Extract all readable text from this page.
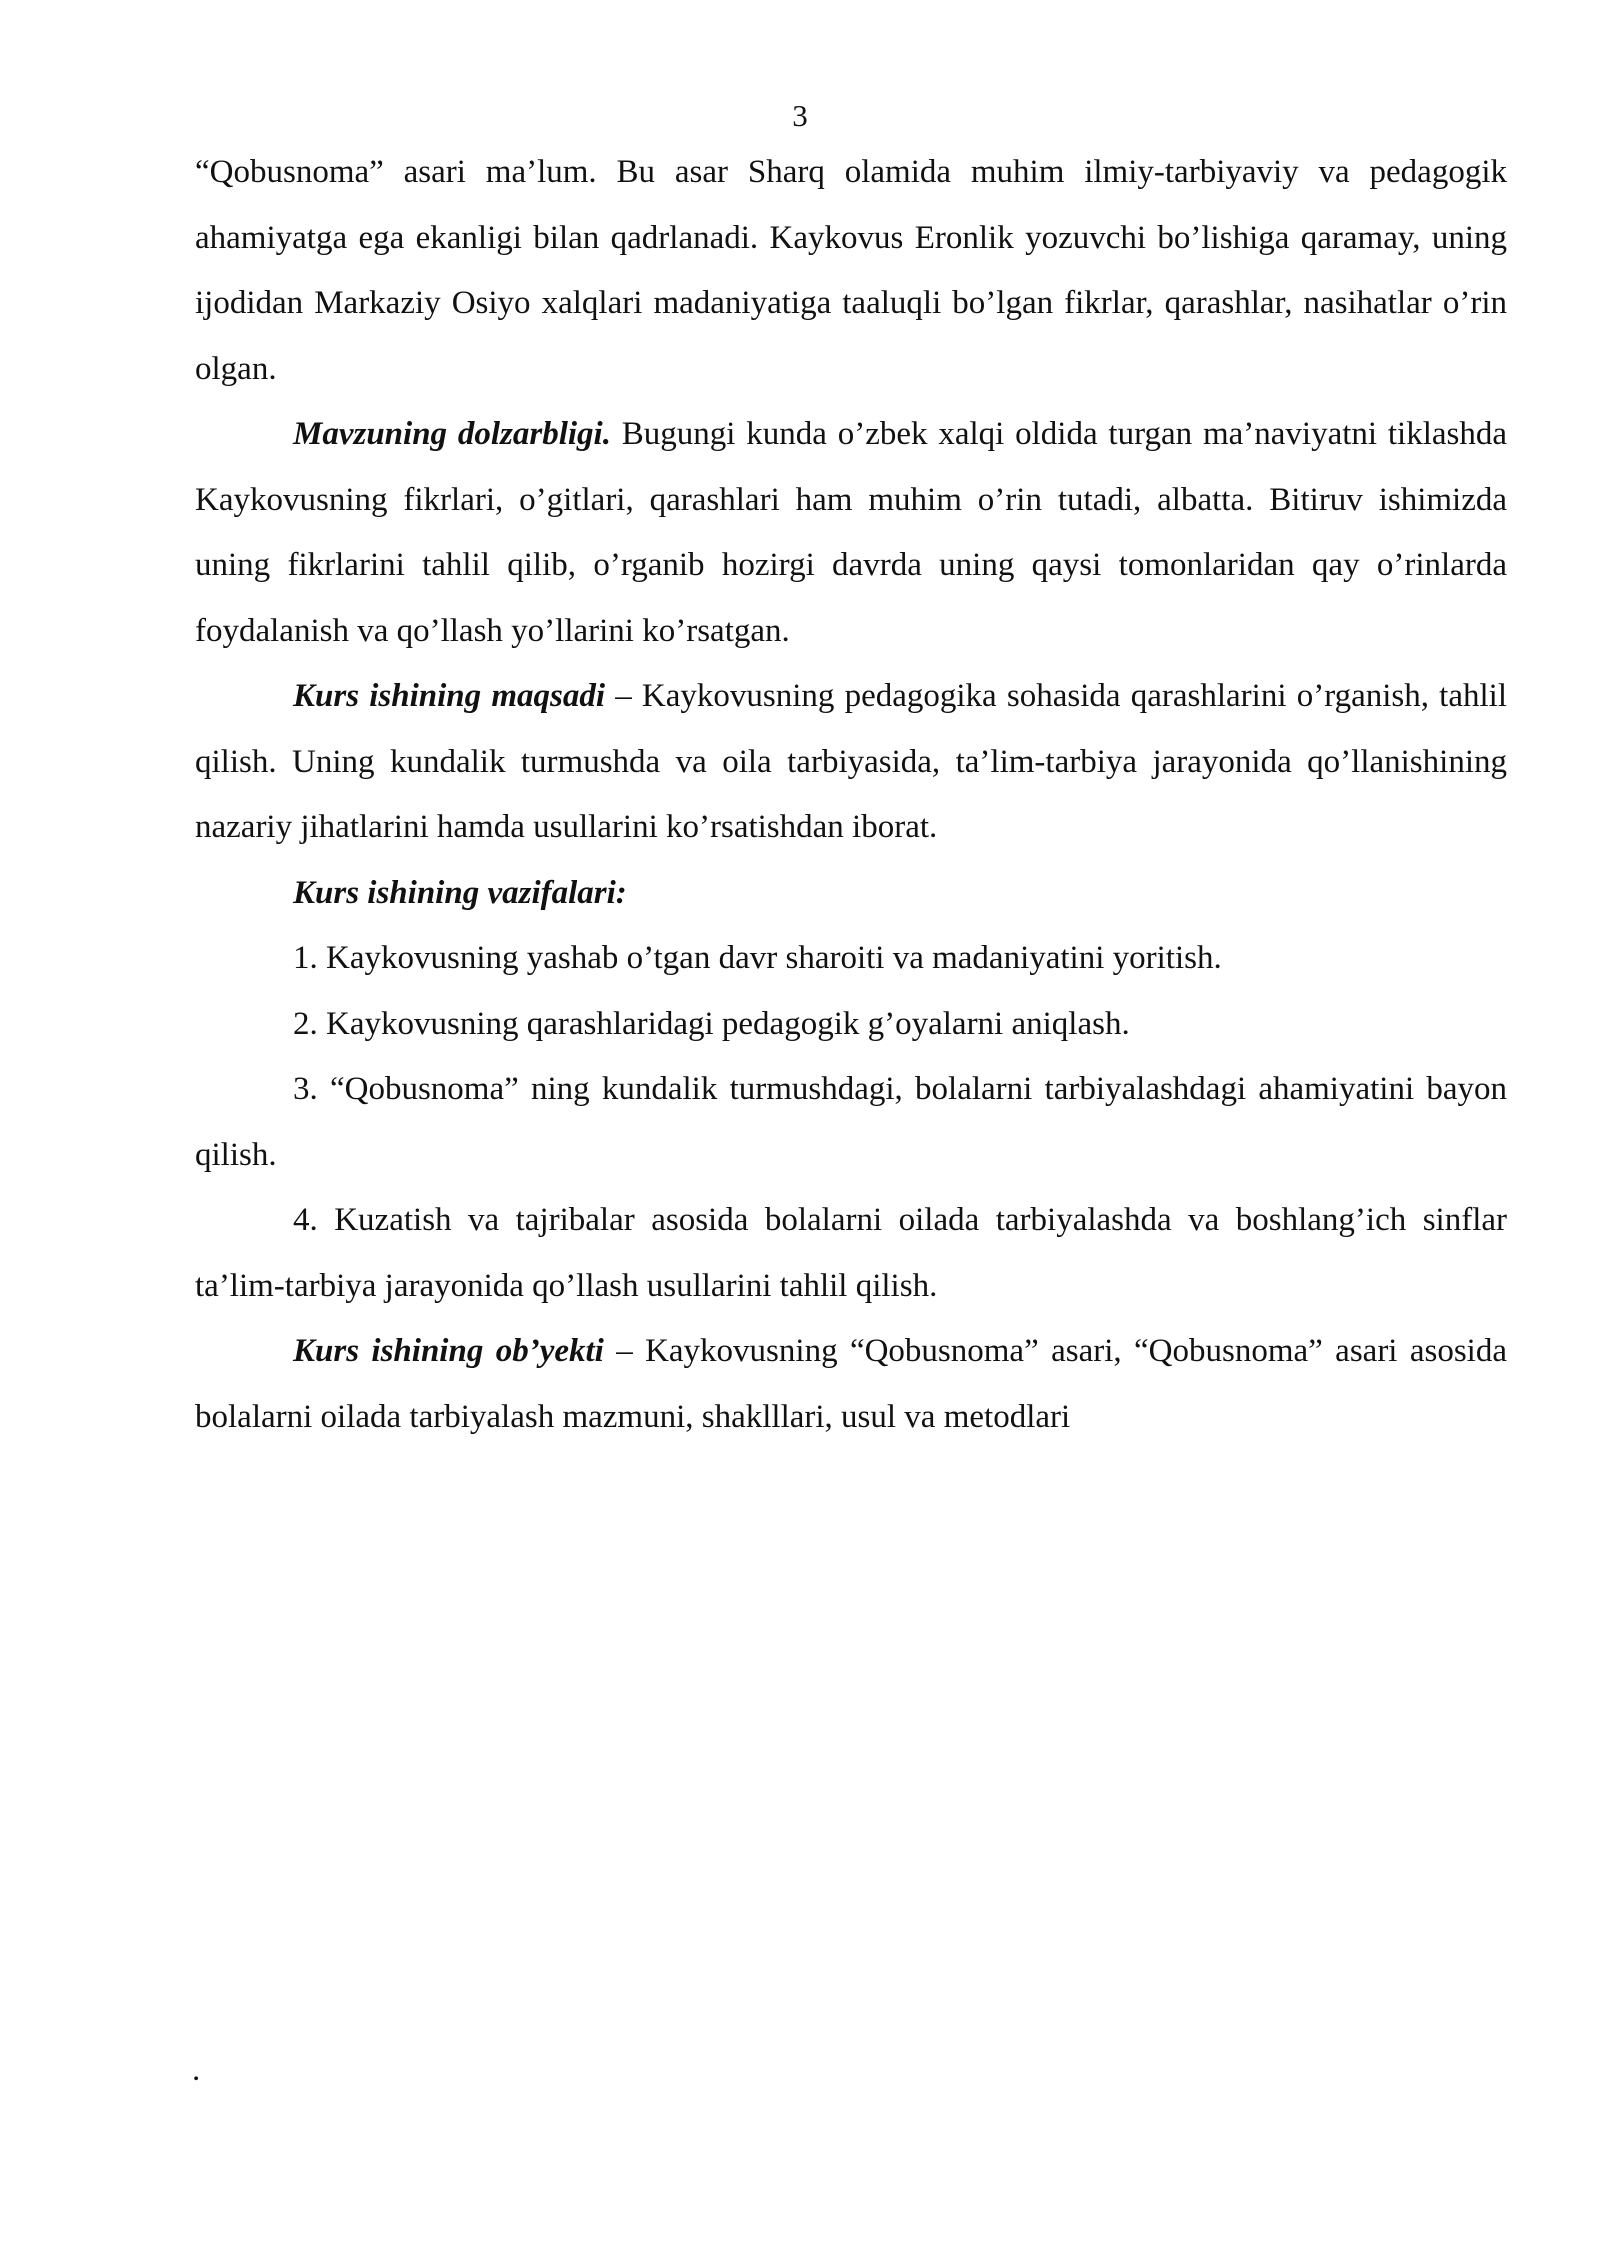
3

“Qobusnoma” asari ma’lum. Bu asar Sharq olamida muhim ilmiy-tarbiyaviy va pedagogik ahamiyatga ega ekanligi bilan qadrlanadi. Kaykovus Eronlik yozuvchi bo’lishiga qaramay, uning ijodidan Markaziy Osiyo xalqlari madaniyatiga taaluqli bo’lgan fikrlar, qarashlar, nasihatlar o’rin olgan.

Mavzuning dolzarbligi. Bugungi kunda o’zbek xalqi oldida turgan ma’naviyatni tiklashda Kaykovusning fikrlari, o’gitlari, qarashlari ham muhim o’rin tutadi, albatta. Bitiruv ishimizda uning fikrlarini tahlil qilib, o’rganib hozirgi davrda uning qaysi tomonlaridan qay o’rinlarda foydalanish va qo’llash yo’llarini ko’rsatgan.

Kurs ishining maqsadi – Kaykovusning pedagogika sohasida qarashlarini o’rganish, tahlil qilish. Uning kundalik turmushda va oila tarbiyasida, ta’lim-tarbiya jarayonida qo’llanishining nazariy jihatlarini hamda usullarini ko’rsatishdan iborat.

Kurs ishining vazifalari:

1. Kaykovusning yashab o’tgan davr sharoiti va madaniyatini yoritish.

2. Kaykovusning qarashlaridagi pedagogik g’oyalarni aniqlash.

3. “Qobusnoma” ning kundalik turmushdagi, bolalarni tarbiyalashdagi ahamiyatini bayon qilish.

4. Kuzatish va tajribalar asosida bolalarni oilada tarbiyalashda va boshlang’ich sinflar ta’lim-tarbiya jarayonida qo’llash usullarini tahlil qilish.

Kurs ishining ob’yekti – Kaykovusning “Qobusnoma” asari, “Qobusnoma” asari asosida bolalarni oilada tarbiyalash mazmuni, shaklllari, usul va metodlari

.
